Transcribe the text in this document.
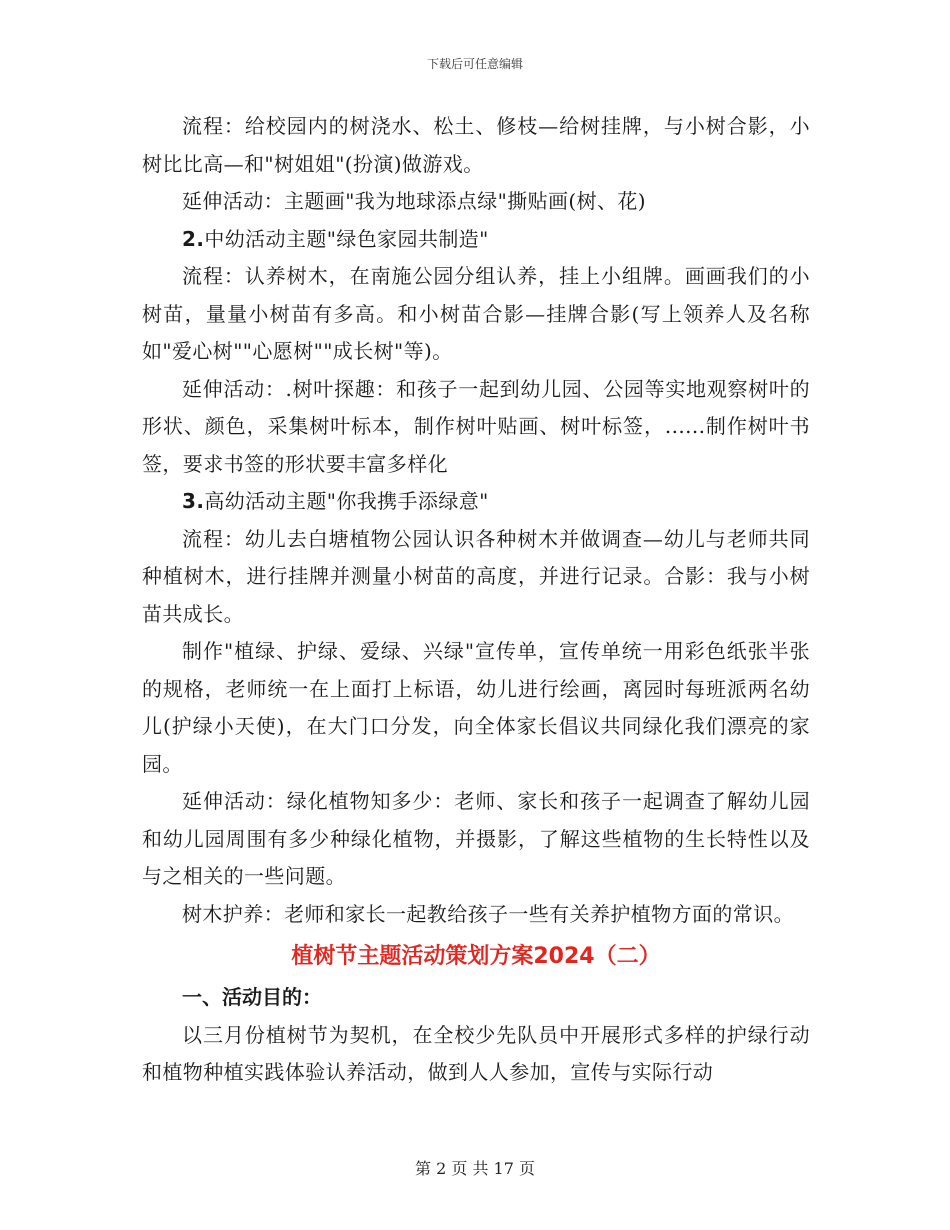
下载后可任意编辑

流程：给校园内的树浇水、松土、修枝—给树挂牌，与小树合影，小树比比高—和"树姐姐"(扮演)做游戏。

延伸活动：主题画"我为地球添点绿"撕贴画(树、花)

2.中幼活动主题"绿色家园共制造"

流程：认养树木，在南施公园分组认养，挂上小组牌。画画我们的小树苗，量量小树苗有多高。和小树苗合影—挂牌合影(写上领养人及名称如"爱心树""心愿树""成长树"等)。

延伸活动：.树叶探趣：和孩子一起到幼儿园、公园等实地观察树叶的形状、颜色，采集树叶标本，制作树叶贴画、树叶标签，......制作树叶书签，要求书签的形状要丰富多样化

3.高幼活动主题"你我携手添绿意"

流程：幼儿去白塘植物公园认识各种树木并做调查—幼儿与老师共同种植树木，进行挂牌并测量小树苗的高度，并进行记录。合影：我与小树苗共成长。

制作"植绿、护绿、爱绿、兴绿"宣传单，宣传单统一用彩色纸张半张的规格，老师统一在上面打上标语，幼儿进行绘画，离园时每班派两名幼儿(护绿小天使)，在大门口分发，向全体家长倡议共同绿化我们漂亮的家园。

延伸活动：绿化植物知多少：老师、家长和孩子一起调查了解幼儿园和幼儿园周围有多少种绿化植物，并摄影，了解这些植物的生长特性以及与之相关的一些问题。

树木护养：老师和家长一起教给孩子一些有关养护植物方面的常识。

植树节主题活动策划方案2024（二）
一、活动目的：

以三月份植树节为契机，在全校少先队员中开展形式多样的护绿行动和植物种植实践体验认养活动，做到人人参加，宣传与实际行动

第 2 页 共 17 页
